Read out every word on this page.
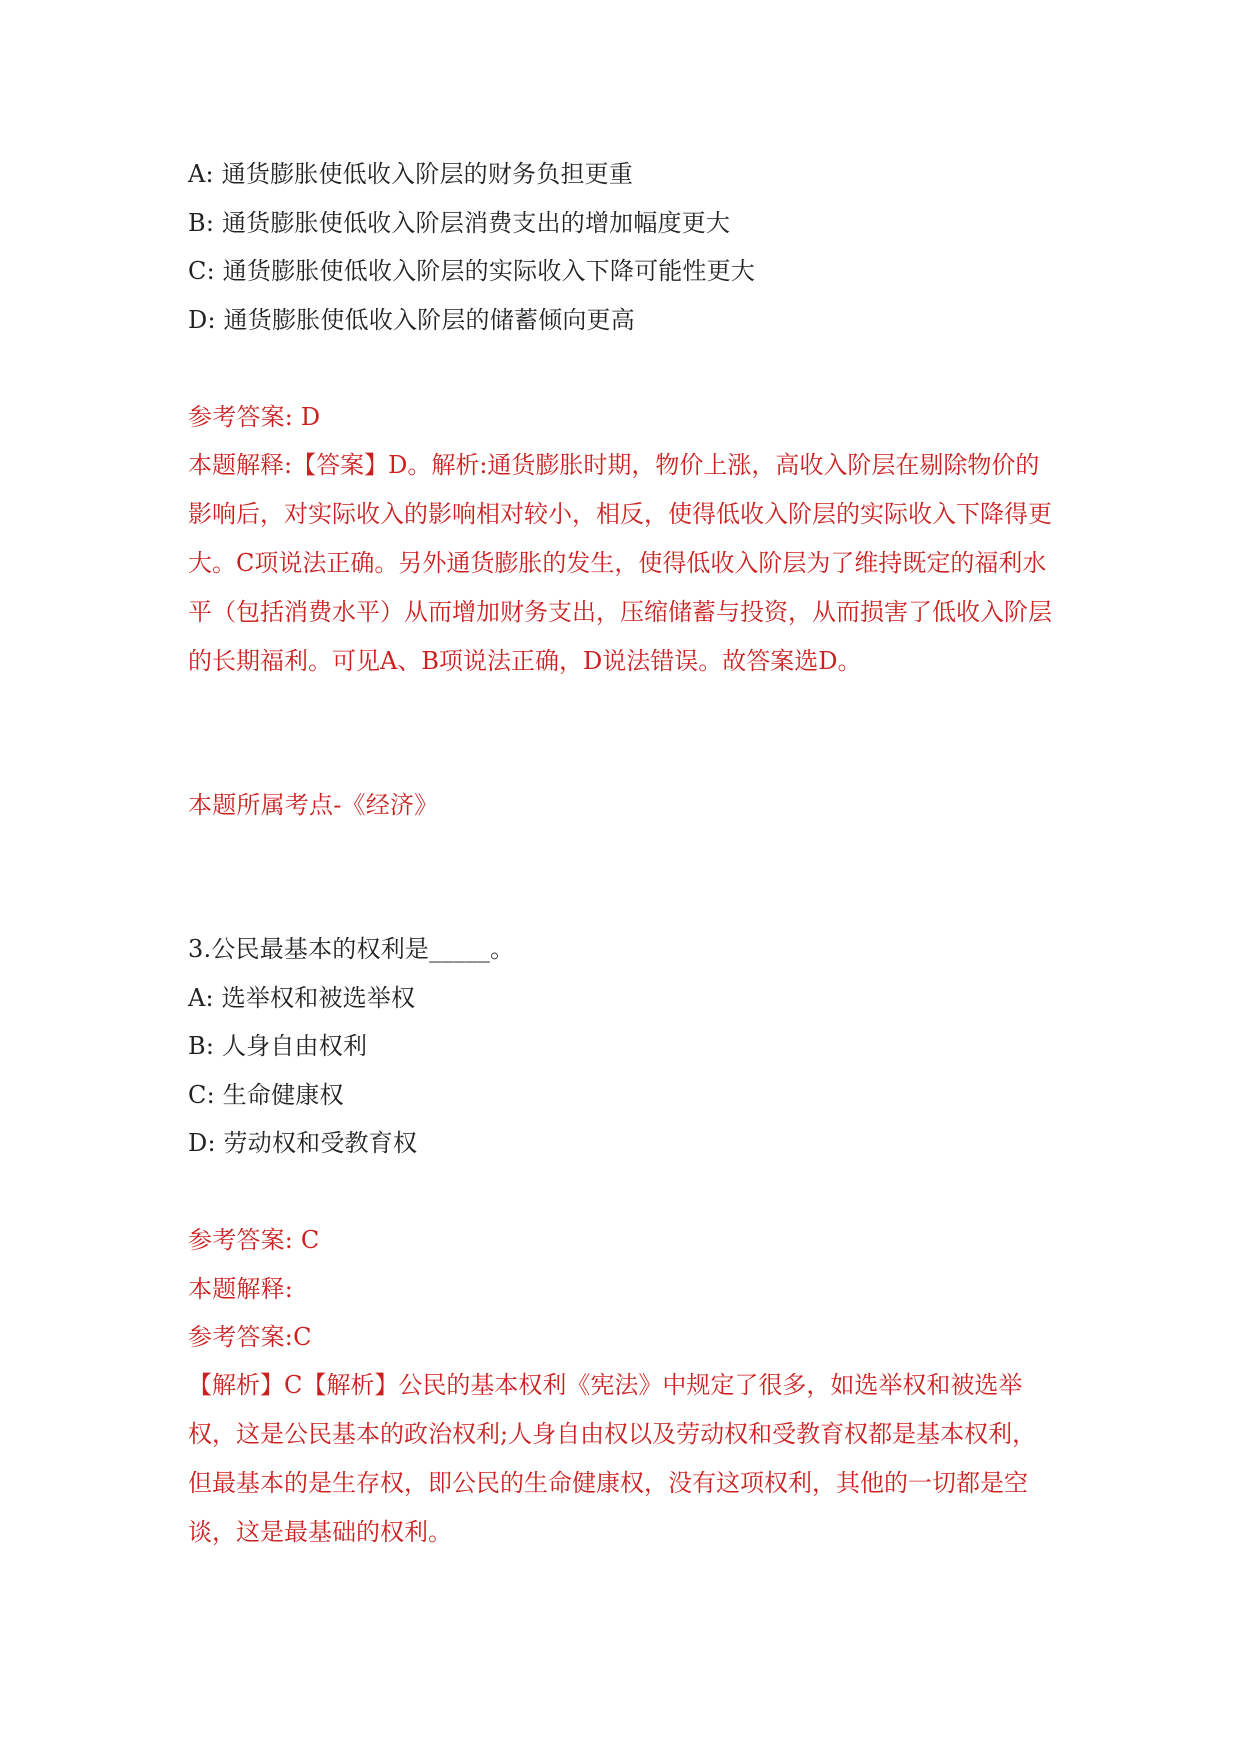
A: 通货膨胀使低收入阶层的财务负担更重
B: 通货膨胀使低收入阶层消费支出的增加幅度更大
C: 通货膨胀使低收入阶层的实际收入下降可能性更大
D: 通货膨胀使低收入阶层的储蓄倾向更高
参考答案: D

本题解释:【答案】D。解析:通货膨胀时期，物价上涨，高收入阶层在剔除物价的影响后，对实际收入的影响相对较小，相反，使得低收入阶层的实际收入下降得更大。C项说法正确。另外通货膨胀的发生，使得低收入阶层为了维持既定的福利水平（包括消费水平）从而增加财务支出，压缩储蓄与投资，从而损害了低收入阶层的长期福利。可见A、B项说法正确，D说法错误。故答案选D。

本题所属考点-《经济》
3.公民最基本的权利是_____。
A: 选举权和被选举权
B: 人身自由权利
C: 生命健康权
D: 劳动权和受教育权
参考答案: C
本题解释:
参考答案:C

【解析】C【解析】公民的基本权利《宪法》中规定了很多，如选举权和被选举权，这是公民基本的政治权利;人身自由权以及劳动权和受教育权都是基本权利，但最基本的是生存权，即公民的生命健康权，没有这项权利，其他的一切都是空谈，这是最基础的权利。
